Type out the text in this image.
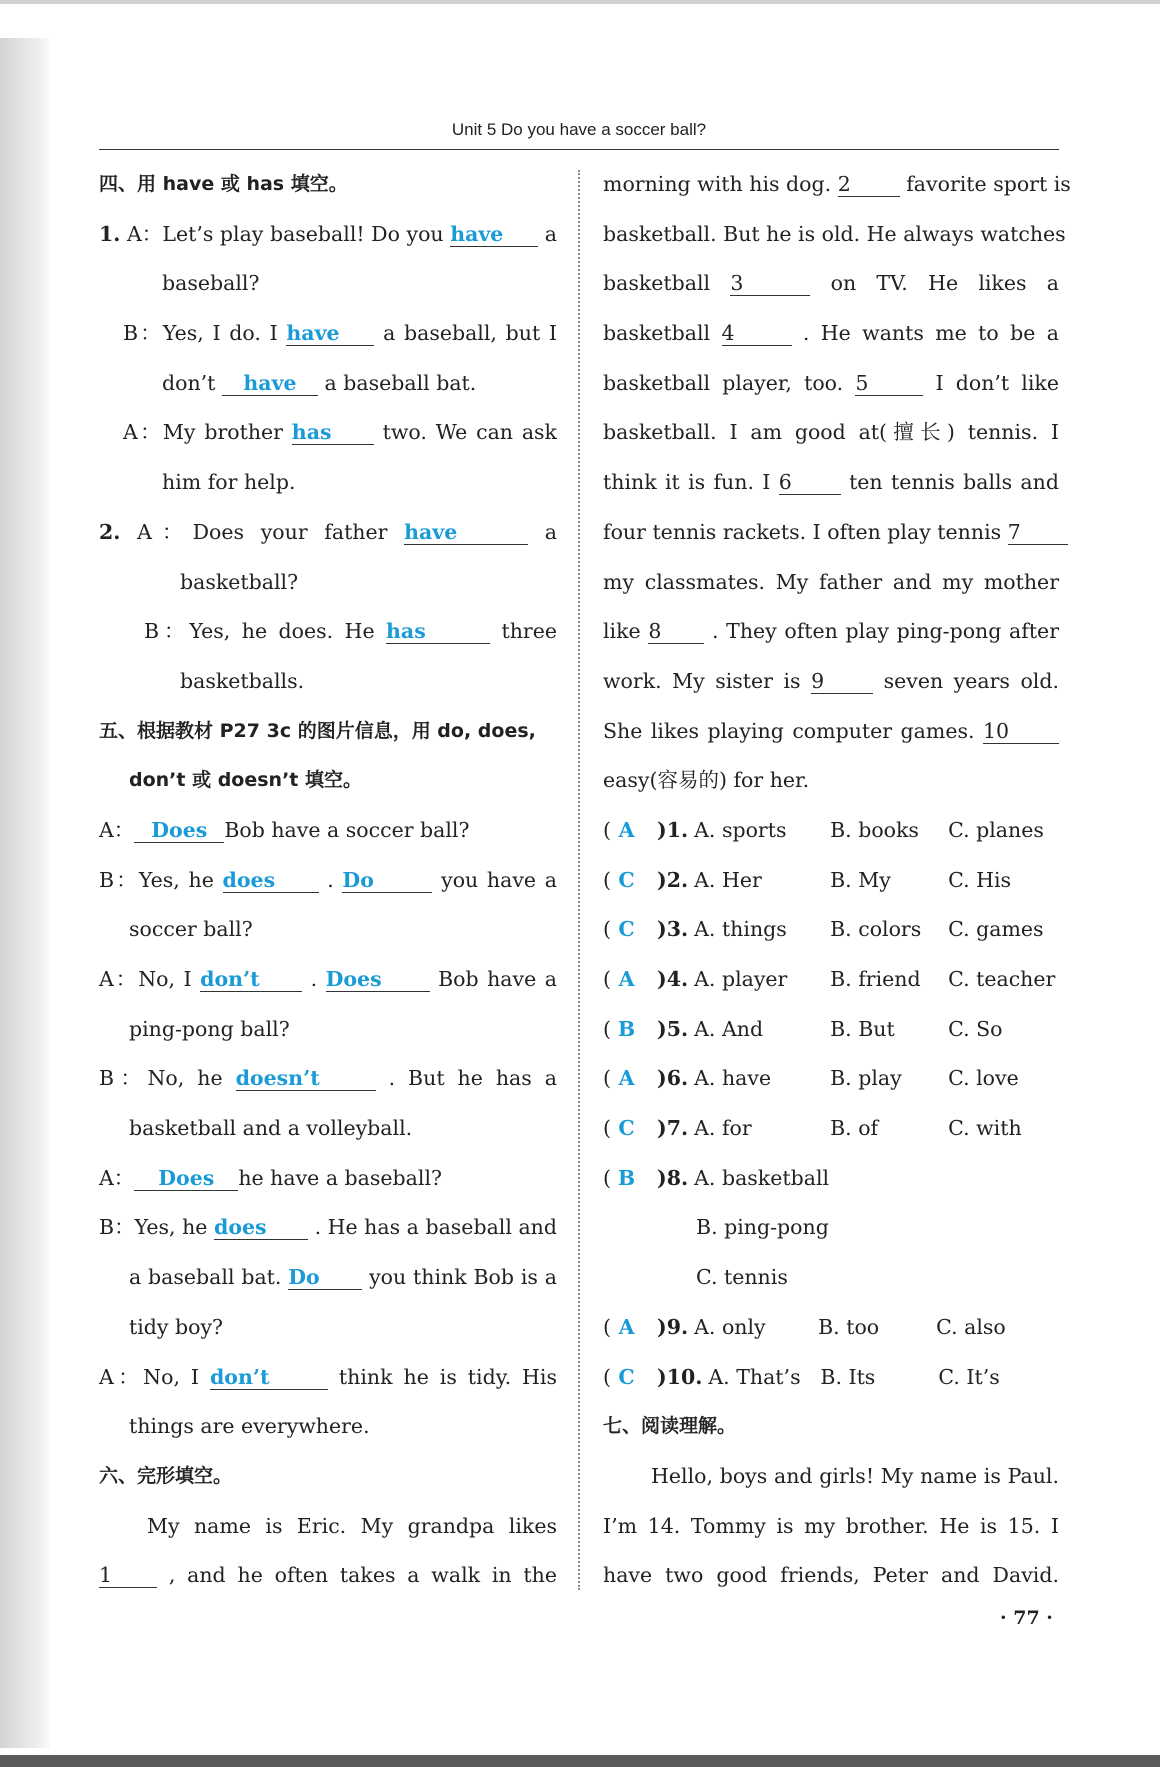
Unit 5 Do you have a soccer ball?
四、用 have 或 has 填空。
1. A：Let’s play baseball! Do you have a
baseball?
B：Yes, I do. I have a baseball, but I
don’t have a baseball bat.
A：My brother has two. We can ask
him for help.
2. A：Does your father have	a
basketball?
B：Yes, he does. He has	three
basketballs.
五、根据教材 P27 3c 的图片信息，用 do, does,
don’t 或 doesn’t 填空。
A： Does Bob have a soccer ball?
B：Yes, he does	. Do	you have a
soccer ball?
A：No, I don’t . Does	Bob have a
ping-pong ball?
B：No, he doesn’t	. But he has a
basketball and a volleyball.
A： Does he have a baseball?
B：Yes, he does . He has a baseball and
a baseball bat. Do you think Bob is a
tidy boy?
A：No, I don’t	think he is tidy. His
things are everywhere.
六、完形填空。
My name is Eric. My grandpa likes
1	, and he often takes a walk in the
morning with his dog. 2	favorite sport is
basketball. But he is old. He always watches
basketball 3	on TV. He likes a
basketball 4	. He wants me to be a
basketball player, too. 5	I don’t like
basketball. I am good at(擅长) tennis. I
think it is fun. I 6	ten tennis balls and
four tennis rackets. I often play tennis 7
my classmates. My father and my mother
like 8 . They often play ping-pong after
work. My sister is 9	seven years old.
She likes playing computer games. 10
easy(容易的) for her.
( A	)1. A. sports	B. books	C. planes
( C	)2. A. Her	B. My	C. His
( C	)3. A. things	B. colors	C. games
( A	)4. A. player	B. friend	C. teacher
( B	)5. A. And	B. But	C. So
( A	)6. A. have	B. play	C. love
( C	)7. A. for	B. of	C. with
( B	)8. A. basketball
B. ping-pong
C. tennis
( A	)9. A. only	B. too	C. also
( C	)10. A. That’s B. Its	C. It’s
七、阅读理解。
Hello, boys and girls! My name is Paul.
I’m 14. Tommy is my brother. He is 15. I
have two good friends, Peter and David.
· 77 ·
